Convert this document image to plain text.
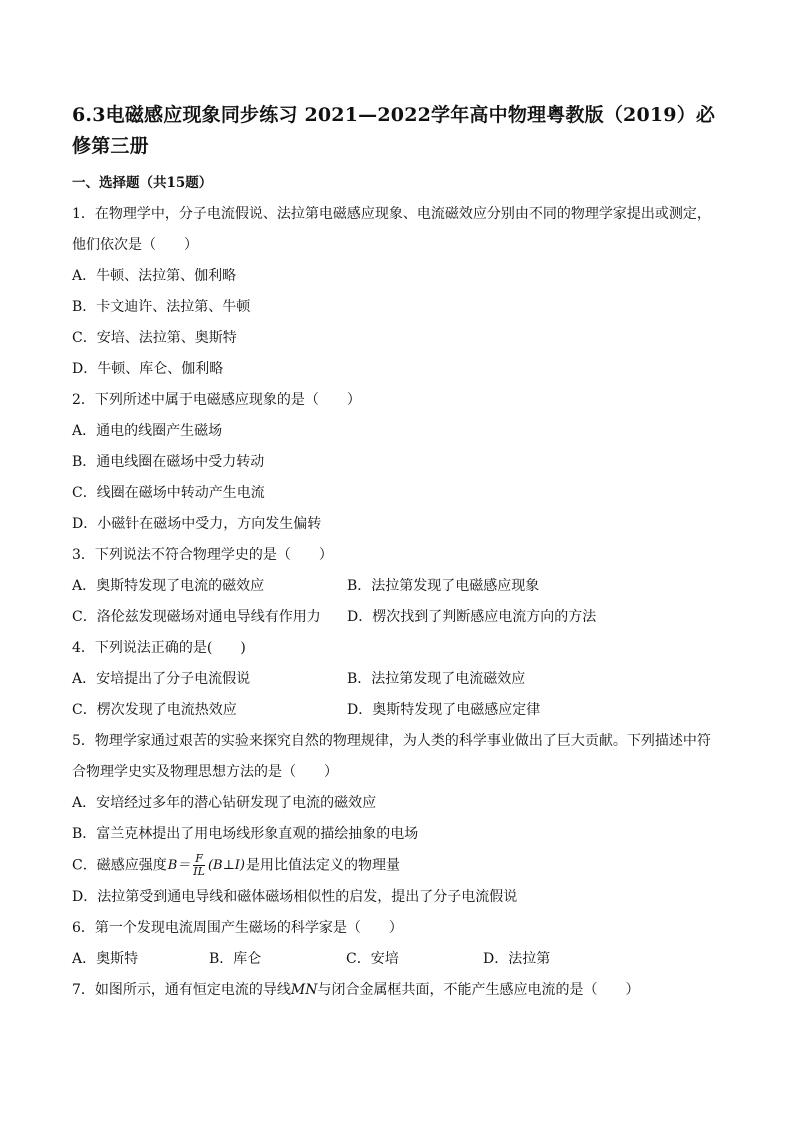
6.3电磁感应现象同步练习 2021—2022学年高中物理粤教版（2019）必修第三册
一、选择题（共15题）

1．在物理学中，分子电流假说、法拉第电磁感应现象、电流磁效应分别由不同的物理学家提出或测定，他们依次是（　　）

A．牛顿、法拉第、伽利略

B．卡文迪许、法拉第、牛顿

C．安培、法拉第、奥斯特

D．牛顿、库仑、伽利略

2．下列所述中属于电磁感应现象的是（　　）

A．通电的线圈产生磁场

B．通电线圈在磁场中受力转动

C．线圈在磁场中转动产生电流

D．小磁针在磁场中受力，方向发生偏转

3．下列说法不符合物理学史的是（　　）

A．奥斯特发现了电流的磁效应	B．法拉第发现了电磁感应现象

C．洛伦兹发现磁场对通电导线有作用力	D．楞次找到了判断感应电流方向的方法

4．下列说法正确的是(　　)

A．安培提出了分子电流假说	B．法拉第发现了电流磁效应

C．楞次发现了电流热效应	D．奥斯特发现了电磁感应定律

5．物理学家通过艰苦的实验来探究自然的物理规律，为人类的科学事业做出了巨大贡献。下列描述中符合物理学史实及物理思想方法的是（　　）

A．安培经过多年的潜心钻研发现了电流的磁效应

B．富兰克林提出了用电场线形象直观的描绘抽象的电场

C．磁感应强度 $B= \frac{F}{IL}$ (B⊥I) 是用比值法定义的物理量

D．法拉第受到通电导线和磁体磁场相似性的启发，提出了分子电流假说

6．第一个发现电流周围产生磁场的科学家是（　　）

A．奥斯特	B．库仑	C．安培	D．法拉第

7．如图所示，通有恒定电流的导线MN与闭合金属框共面，不能产生感应电流的是（　　）
